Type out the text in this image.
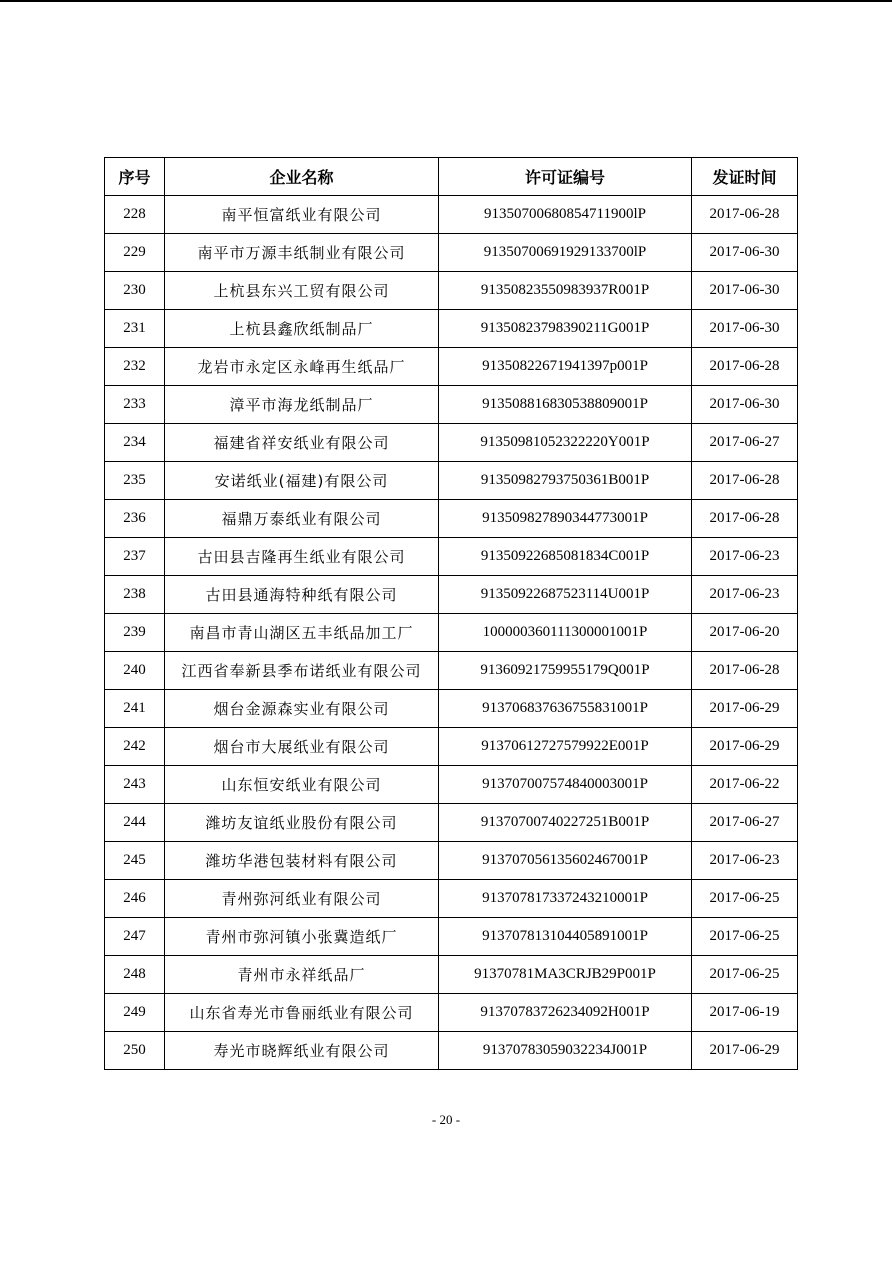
序号	企业名称	许可证编号	发证时间
228	南平恒富纸业有限公司	91350700680854711900lP	2017-06-28
229	南平市万源丰纸制业有限公司	91350700691929133700lP	2017-06-30
230	上杭县东兴工贸有限公司	91350823550983937R001P	2017-06-30
231	上杭县鑫欣纸制品厂	91350823798390211G001P	2017-06-30
232	龙岩市永定区永峰再生纸品厂	91350822671941397p001P	2017-06-28
233	漳平市海龙纸制品厂	913508816830538809001P	2017-06-30
234	福建省祥安纸业有限公司	91350981052322220Y001P	2017-06-27
235	安诺纸业(福建)有限公司	91350982793750361B001P	2017-06-28
236	福鼎万泰纸业有限公司	913509827890344773001P	2017-06-28
237	古田县吉隆再生纸业有限公司	91350922685081834C001P	2017-06-23
238	古田县通海特种纸有限公司	91350922687523114U001P	2017-06-23
239	南昌市青山湖区五丰纸品加工厂	100000360111300001001P	2017-06-20
240	江西省奉新县季布诺纸业有限公司	91360921759955179Q001P	2017-06-28
241	烟台金源森实业有限公司	913706837636755831001P	2017-06-29
242	烟台市大展纸业有限公司	91370612727579922E001P	2017-06-29
243	山东恒安纸业有限公司	913707007574840003001P	2017-06-22
244	潍坊友谊纸业股份有限公司	91370700740227251B001P	2017-06-27
245	潍坊华港包装材料有限公司	913707056135602467001P	2017-06-23
246	青州弥河纸业有限公司	913707817337243210001P	2017-06-25
247	青州市弥河镇小张冀造纸厂	913707813104405891001P	2017-06-25
248	青州市永祥纸品厂	91370781MA3CRJB29P001P	2017-06-25
249	山东省寿光市鲁丽纸业有限公司	91370783726234092H001P	2017-06-19
250	寿光市晓辉纸业有限公司	91370783059032234J001P	2017-06-29
- 20 -
